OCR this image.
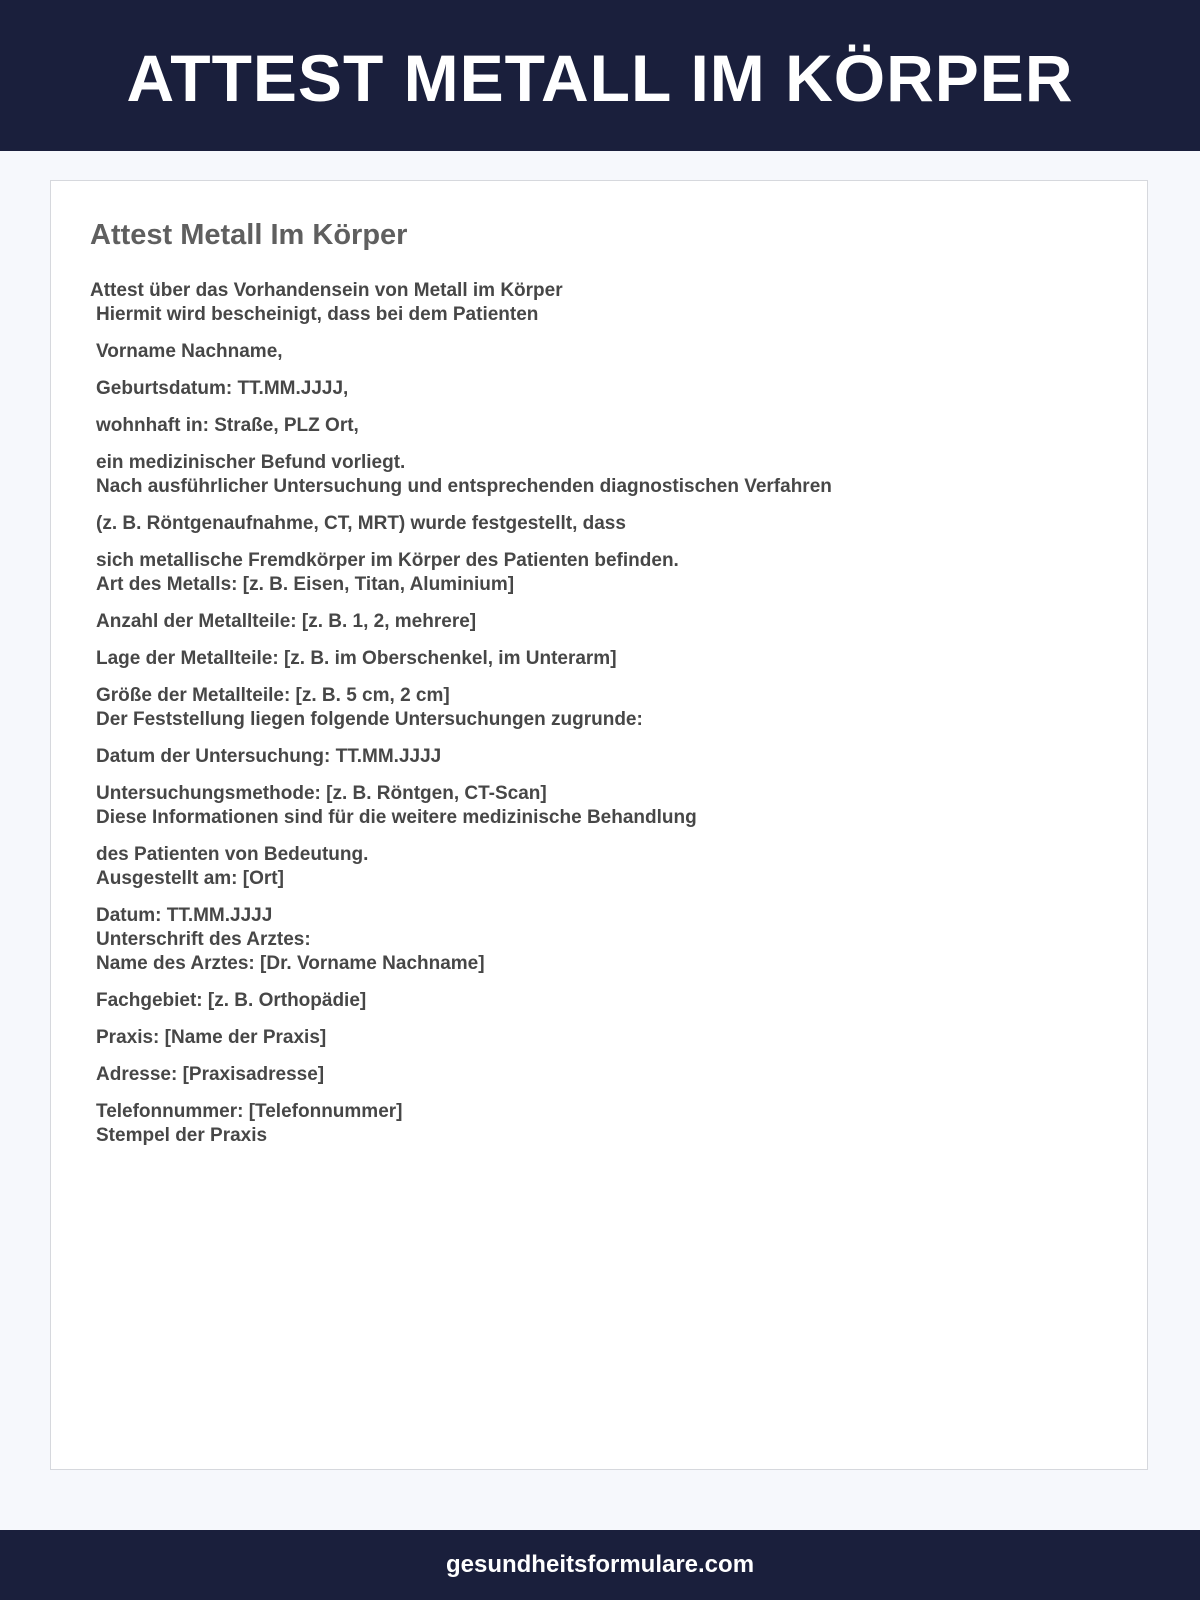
ATTEST METALL IM KÖRPER
Attest Metall Im Körper
Attest über das Vorhandensein von Metall im Körper
Hiermit wird bescheinigt, dass bei dem Patienten
Vorname Nachname,
Geburtsdatum: TT.MM.JJJJ,
wohnhaft in: Straße, PLZ Ort,
ein medizinischer Befund vorliegt.
Nach ausführlicher Untersuchung und entsprechenden diagnostischen Verfahren
(z. B. Röntgenaufnahme, CT, MRT) wurde festgestellt, dass
sich metallische Fremdkörper im Körper des Patienten befinden.
Art des Metalls: [z. B. Eisen, Titan, Aluminium]
Anzahl der Metallteile: [z. B. 1, 2, mehrere]
Lage der Metallteile: [z. B. im Oberschenkel, im Unterarm]
Größe der Metallteile: [z. B. 5 cm, 2 cm]
Der Feststellung liegen folgende Untersuchungen zugrunde:
Datum der Untersuchung: TT.MM.JJJJ
Untersuchungsmethode: [z. B. Röntgen, CT-Scan]
Diese Informationen sind für die weitere medizinische Behandlung
des Patienten von Bedeutung.
Ausgestellt am: [Ort]
Datum: TT.MM.JJJJ
Unterschrift des Arztes:
Name des Arztes: [Dr. Vorname Nachname]
Fachgebiet: [z. B. Orthopädie]
Praxis: [Name der Praxis]
Adresse: [Praxisadresse]
Telefonnummer: [Telefonnummer]
Stempel der Praxis
gesundheitsformulare.com
